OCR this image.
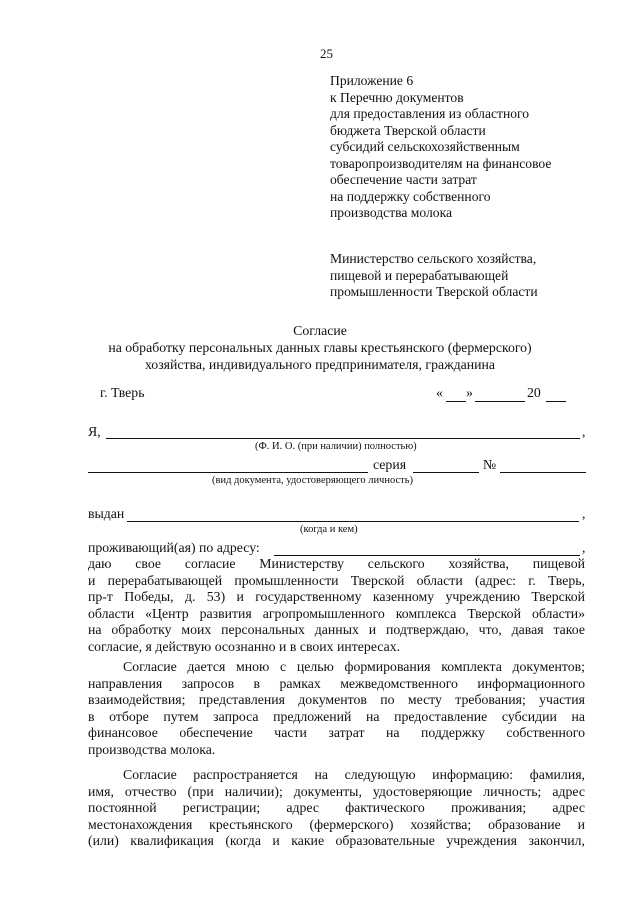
25
Приложение 6
к Перечню документов
для предоставления из областного
бюджета Тверской области
субсидий сельскохозяйственным
товаропроизводителям на финансовое
обеспечение части затрат
на поддержку собственного
производства молока
Министерство сельского хозяйства,
пищевой и перерабатывающей
промышленности Тверской области
Согласие
на обработку персональных данных главы крестьянского (фермерского)
хозяйства, индивидуального предпринимателя, гражданина
г. Тверь	« »	20
Я,	,
(Ф. И. О. (при наличии) полностью)
серия	№
(вид документа, удостоверяющего личность)
выдан	,
(когда и кем)
проживающий(ая) по адресу:	,
даю свое согласие Министерству сельского хозяйства, пищевой
и перерабатывающей промышленности Тверской области (адрес: г. Тверь,
пр-т Победы, д. 53) и государственному казенному учреждению Тверской
области «Центр развития агропромышленного комплекса Тверской области»
на обработку моих персональных данных и подтверждаю, что, давая такое
согласие, я действую осознанно и в своих интересах.
Согласие дается мною с целью формирования комплекта документов;
направления запросов в рамках межведомственного информационного
взаимодействия; представления документов по месту требования; участия
в отборе путем запроса предложений на предоставление субсидии на
финансовое обеспечение части затрат на поддержку собственного
производства молока.
Согласие распространяется на следующую информацию: фамилия,
имя, отчество (при наличии); документы, удостоверяющие личность; адрес
постоянной регистрации; адрес фактического проживания; адрес
местонахождения крестьянского (фермерского) хозяйства; образование и
(или) квалификация (когда и какие образовательные учреждения закончил,
